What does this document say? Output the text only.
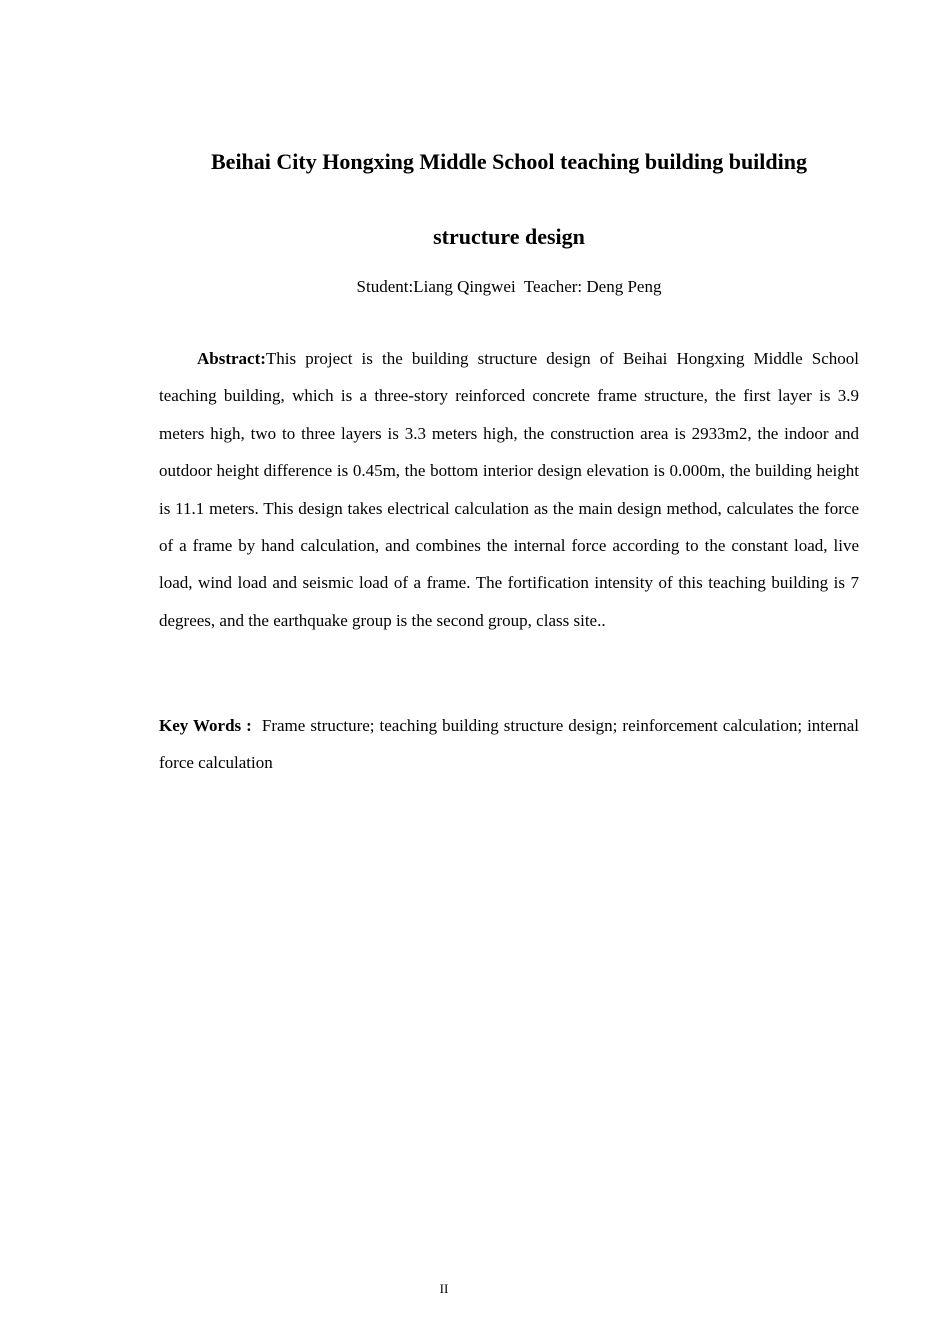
Beihai City Hongxing Middle School teaching building building
structure design
Student:Liang Qingwei  Teacher: Deng Peng

Abstract:This project is the building structure design of Beihai Hongxing Middle School teaching building, which is a three-story reinforced concrete frame structure, the first layer is 3.9 meters high, two to three layers is 3.3 meters high, the construction area is 2933m2, the indoor and outdoor height difference is 0.45m, the bottom interior design elevation is 0.000m, the building height is 11.1 meters. This design takes electrical calculation as the main design method, calculates the force of a frame by hand calculation, and combines the internal force according to the constant load, live load, wind load and seismic load of a frame. The fortification intensity of this teaching building is 7 degrees, and the earthquake group is the second group, class site..

Key Words : Frame structure; teaching building structure design; reinforcement calculation; internal force calculation

II
